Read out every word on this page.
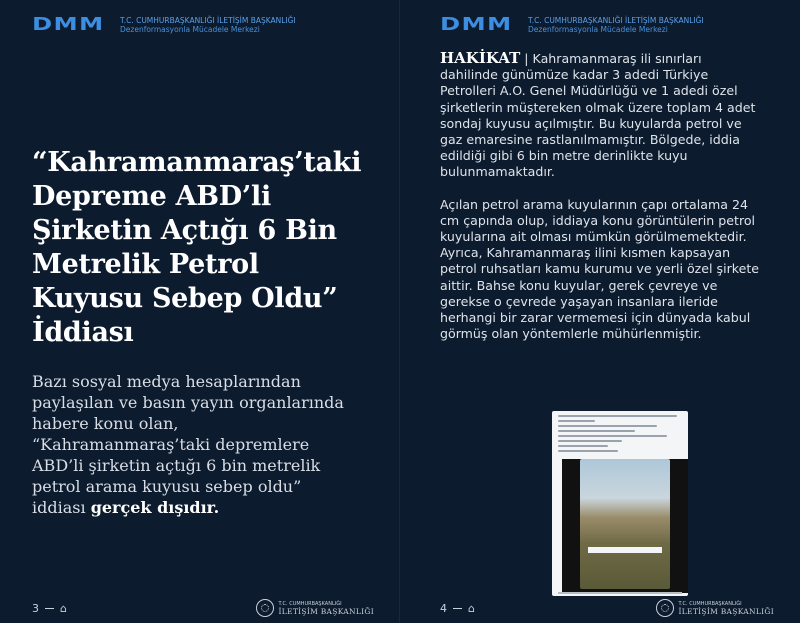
DMM	T.C. CUMHURBAŞKANLIĞI İLETİŞİM BAŞKANLIĞI
Dezenformasyonla Mücadele Merkezi
“Kahramanmaraş’taki Depreme ABD’li Şirketin Açtığı 6 Bin Metrelik Petrol Kuyusu Sebep Oldu” İddiası

Bazı sosyal medya hesaplarından paylaşılan ve basın yayın organlarında habere konu olan, “Kahramanmaraş’taki depremlere ABD’li şirketin açtığı 6 bin metrelik petrol arama kuyusu sebep oldu” iddiası gerçek dışıdır.

3 ⌂	T.C. CUMHURBAŞKANLIĞI
İLETİŞİM BAŞKANLIĞI
DMM	T.C. CUMHURBAŞKANLIĞI İLETİŞİM BAŞKANLIĞI
Dezenformasyonla Mücadele Merkezi

HAKİKAT | Kahramanmaraş ili sınırları dahilinde günümüze kadar 3 adedi Türkiye Petrolleri A.O. Genel Müdürlüğü ve 1 adedi özel şirketlerin müştereken olmak üzere toplam 4 adet sondaj kuyusu açılmıştır. Bu kuyularda petrol ve gaz emaresine rastlanılmamıştır. Bölgede, iddia edildiği gibi 6 bin metre derinlikte kuyu bulunmamaktadır.

Açılan petrol arama kuyularının çapı ortalama 24 cm çapında olup, iddiaya konu görüntülerin petrol kuyularına ait olması mümkün görülmemektedir. Ayrıca, Kahramanmaraş ilini kısmen kapsayan petrol ruhsatları kamu kurumu ve yerli özel şirkete aittir. Bahse konu kuyular, gerek çevreye ve gerekse o çevrede yaşayan insanlara ileride herhangi bir zarar vermemesi için dünyada kabul görmüş olan yöntemlerle mühürlenmiştir.

4 ⌂	T.C. CUMHURBAŞKANLIĞI
İLETİŞİM BAŞKANLIĞI
